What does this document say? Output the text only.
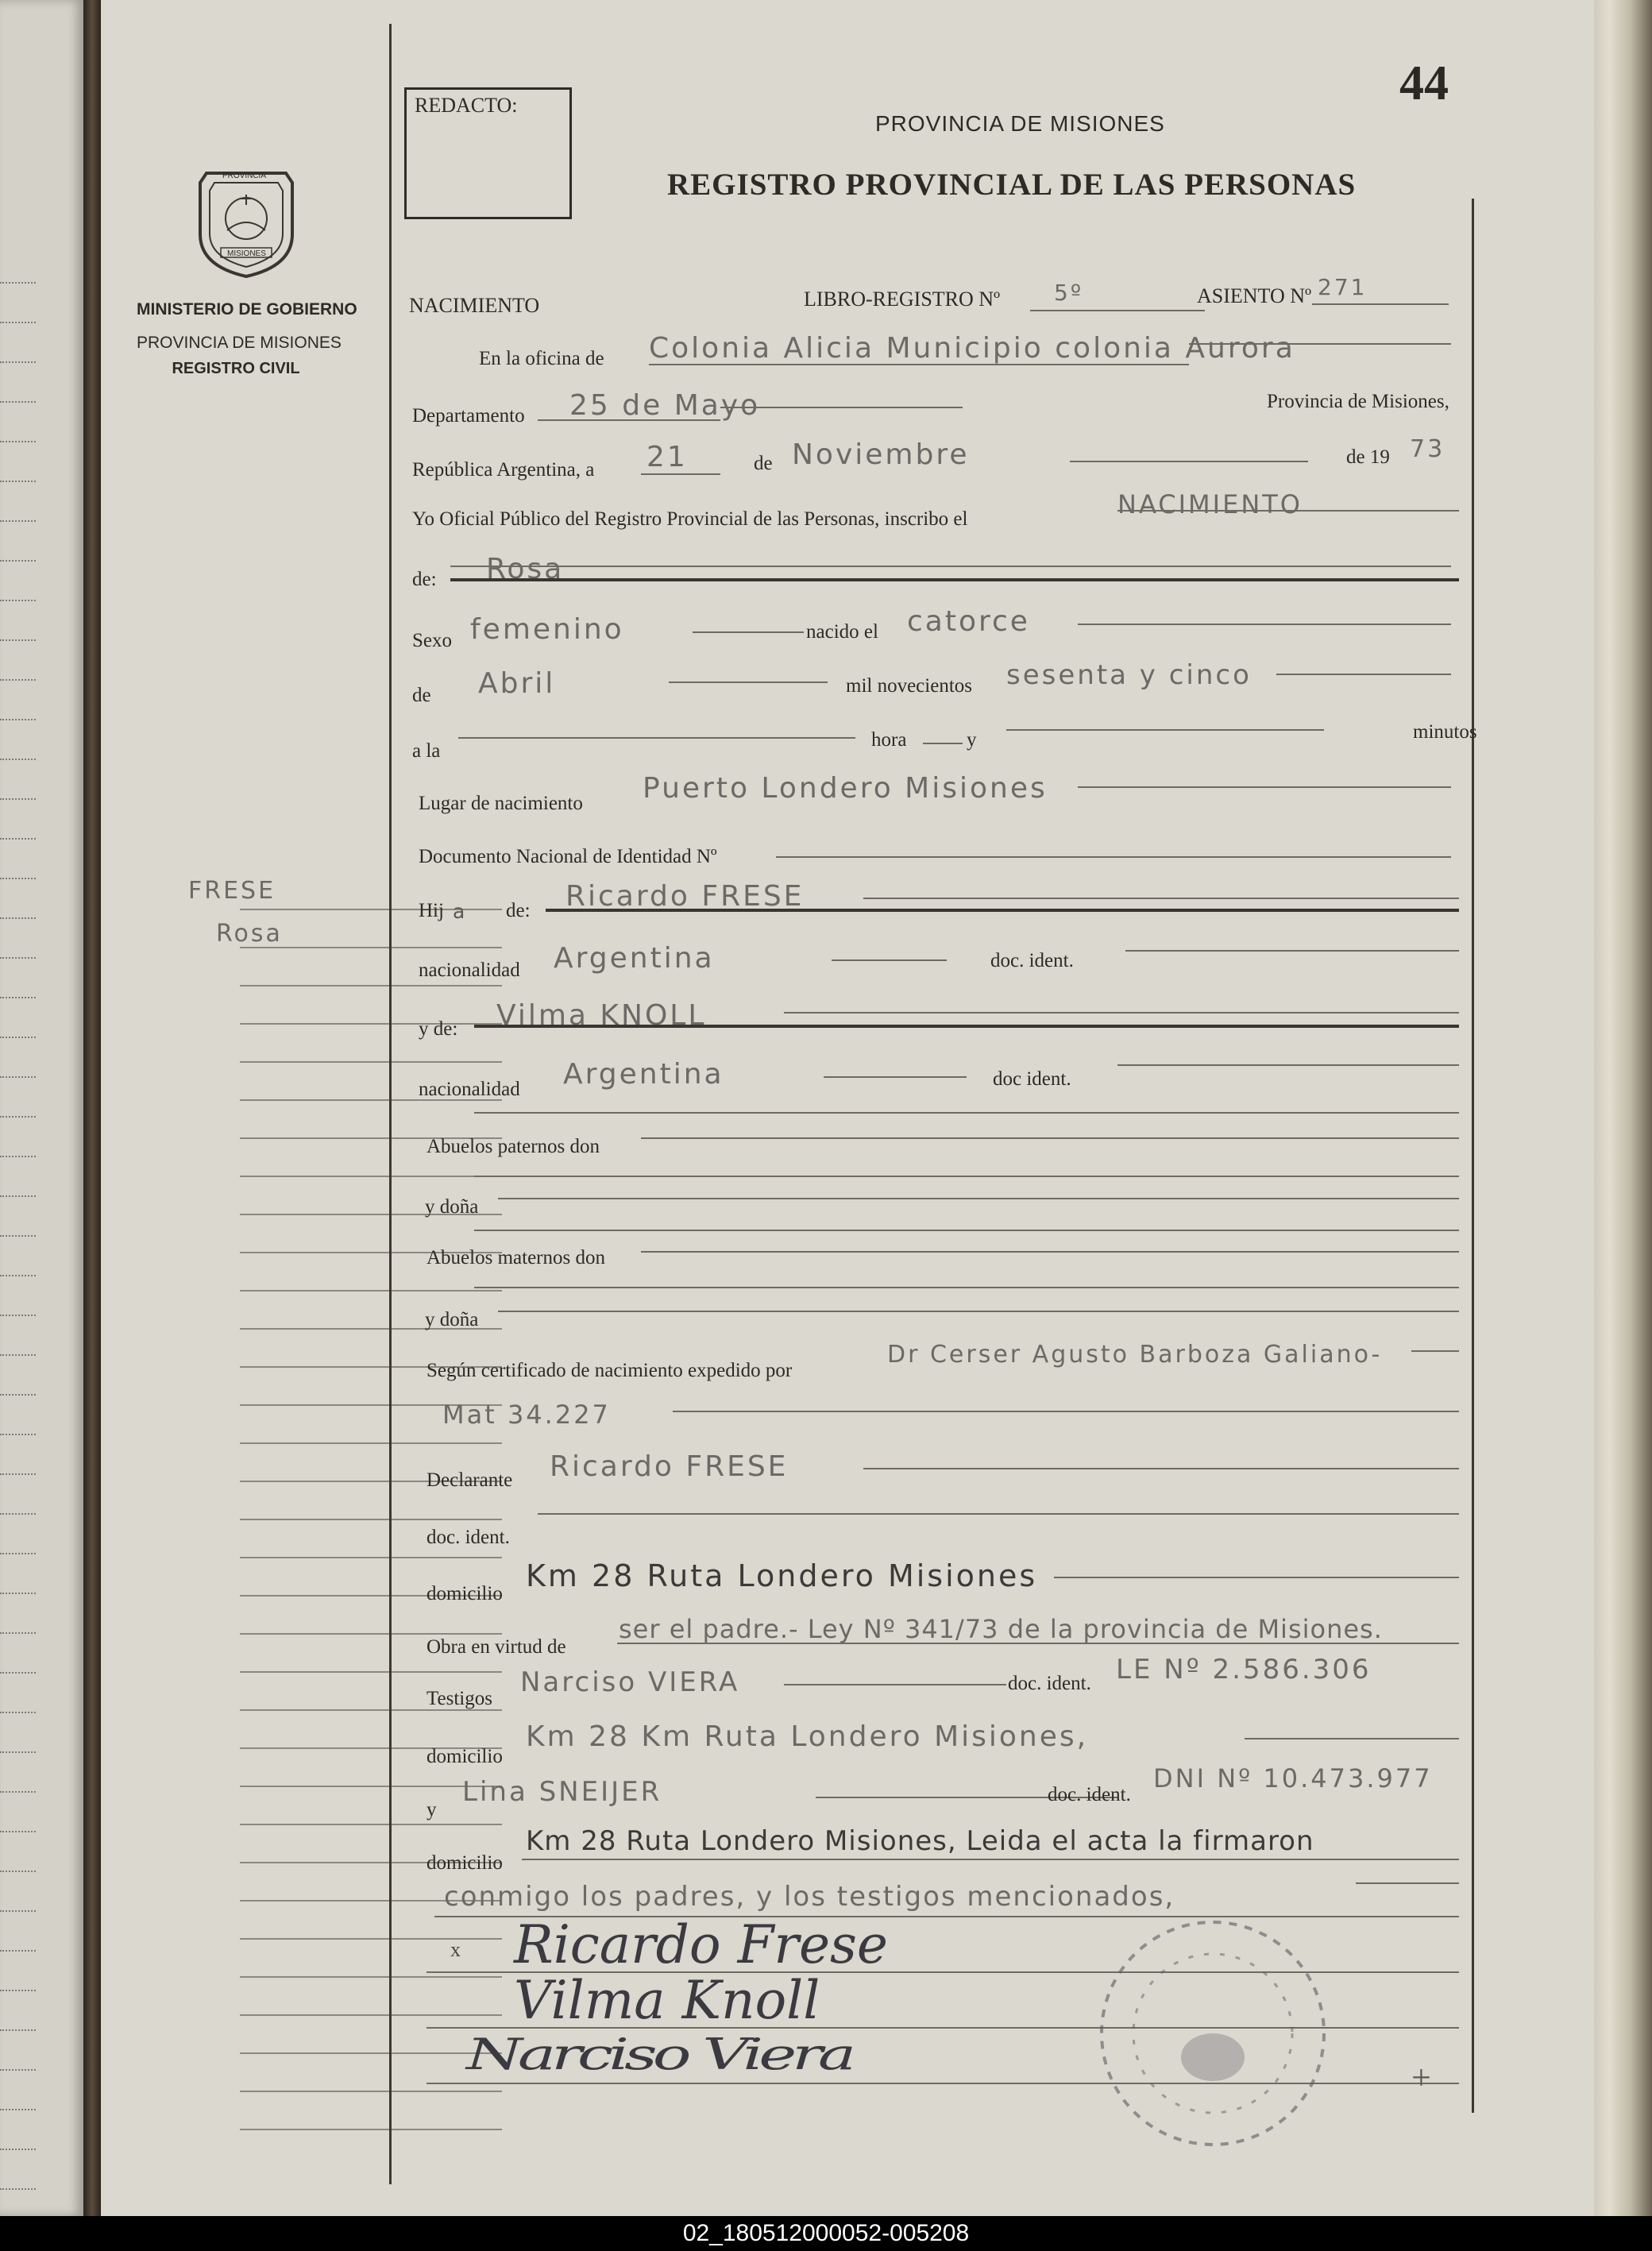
44
REDACTO:
PROVINCIA DE MISIONES
REGISTRO PROVINCIAL DE LAS PERSONAS
PROVINCIA
MISIONES
MINISTERIO DE GOBIERNO
PROVINCIA DE MISIONES
REGISTRO CIVIL
FRESE
Rosa
NACIMIENTO	LIBRO-REGISTRO Nº 5º	ASIENTO Nº 271
En la oficina de Colonia Alicia Municipio colonia Aurora
Departamento 25 de Mayo	Provincia de Misiones,
República Argentina, a 21	de Noviembre	de 19 73
Yo Oficial Público del Registro Provincial de las Personas, inscribo el	NACIMIENTO
de: Rosa
Sexo femenino	nacido el catorce
de Abril	mil novecientos sesenta y cinco
a la
hora	y	minutos
Lugar de nacimiento Puerto Londero Misiones
Documento Nacional de Identidad Nº
Hij a de: Ricardo FRESE
nacionalidad Argentina	doc. ident.
y de: Vilma KNOLL
nacionalidad Argentina	doc ident.
Abuelos paternos don
y doña
Abuelos maternos don
y doña
Según certificado de nacimiento expedido por
Dr Cerser Agusto Barboza Galiano-
Mat 34.227
Declarante Ricardo FRESE
doc. ident.
domicilio
Km 28 Ruta Londero Misiones
Obra en virtud de
ser el padre.- Ley Nº 341/73 de la provincia de Misiones.
Testigos
Narciso VIERA	doc. ident. LE Nº 2.586.306
domicilio
Km 28 Km Ruta Londero Misiones,
y
Lina SNEIJER	doc. ident.
DNI Nº 10.473.977
domicilio
Km 28 Ruta Londero Misiones, Leida el acta la firmaron
conmigo los padres, y los testigos mencionados,
x Ricardo Frese
Vilma Knoll
Narciso Viera	+
02_180512000052-005208
